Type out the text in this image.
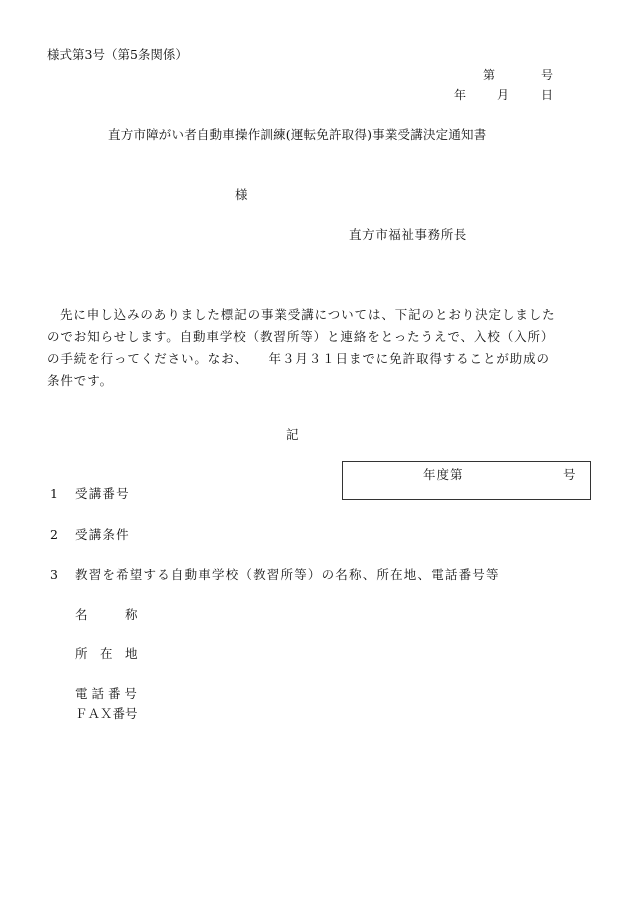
様式第3号（第5条関係）
第	号
年	月	日
直方市障がい者自動車操作訓練(運転免許取得)事業受講決定通知書
様
直方市福祉事務所長
先に申し込みのありました標記の事業受講については、下記のとおり決定しました
のでお知らせします。自動車学校（教習所等）と連絡をとったうえで、入校（入所）
の手続を行ってください。なお、　　年３月３１日までに免許取得することが助成の
条件です。
記
年度第	号
1 受講番号
2 受講条件
3 教習を希望する自動車学校（教習所等）の名称、所在地、電話番号等
名　　　称
所　在　地
電 話 番 号
ＦＡＸ番号
